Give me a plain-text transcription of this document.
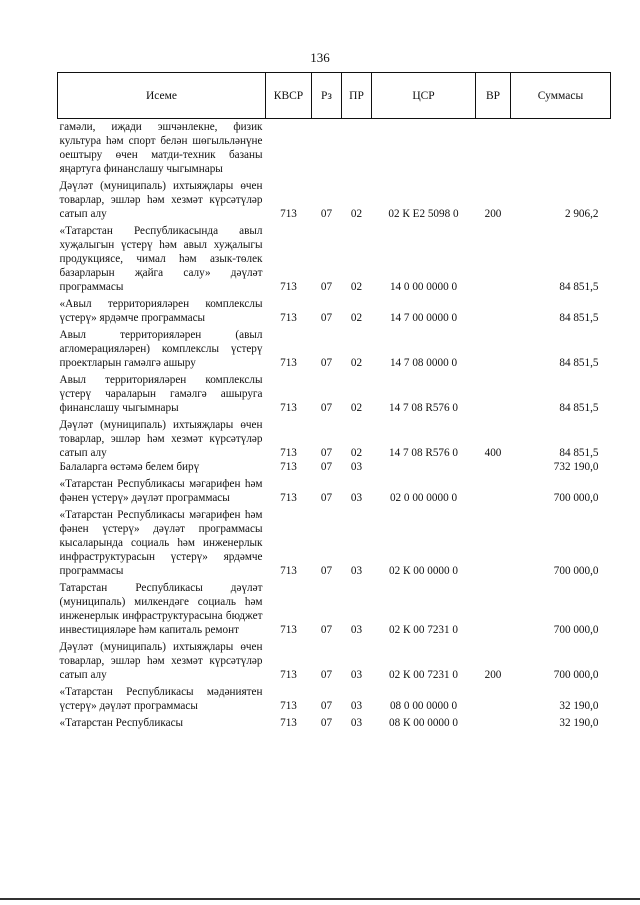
136
Исеме	КВСР	Рз	ПР	ЦСР	ВР	Суммасы
гамәли, иҗади эшчәнлекне, физик культура һәм спорт белән шөгыльләнүне оештыру өчен матди-техник базаны яңартуга финанслашу чыгымнары						
Дәүләт (муниципаль) ихтыяҗлары өчен товарлар, эшләр һәм хезмәт күрсәтүләр сатып алу	713	07	02	02 К Е2 5098 0	200	2 906,2
«Татарстан Республикасында авыл хуҗалыгын үстерү һәм авыл хуҗалыгы продукциясе, чимал һәм азык-төлек базарларын җайга салу» дәүләт программасы	713	07	02	14 0 00 0000 0		84 851,5
«Авыл территорияләрен комплекслы үстерү» ярдәмче программасы	713	07	02	14 7 00 0000 0		84 851,5
Авыл территорияләрен (авыл агломерацияләрен) комплекслы үстерү проектларын гамәлгә ашыру	713	07	02	14 7 08 0000 0		84 851,5
Авыл территорияләрен комплекслы үстерү чараларын гамәлгә ашыруга финанслашу чыгымнары	713	07	02	14 7 08 R576 0		84 851,5
Дәүләт (муниципаль) ихтыяҗлары өчен товарлар, эшләр һәм хезмәт күрсәтүләр сатып алу	713	07	02	14 7 08 R576 0	400	84 851,5
Балаларга өстәмә белем бирү	713	07	03			732 190,0
«Татарстан Республикасы мәгарифен һәм фәнен үстерү» дәүләт программасы	713	07	03	02 0 00 0000 0		700 000,0
«Татарстан Республикасы мәгарифен һәм фәнен үстерү» дәүләт программасы кысаларында социаль һәм инженерлык инфраструктурасын үстерү» ярдәмче программасы	713	07	03	02 К 00 0000 0		700 000,0
Татарстан Республикасы дәүләт (муниципаль) милкендәге социаль һәм инженерлык инфраструктурасына бюджет инвестицияләре һәм капиталь ремонт	713	07	03	02 К 00 7231 0		700 000,0
Дәүләт (муниципаль) ихтыяҗлары өчен товарлар, эшләр һәм хезмәт күрсәтүләр сатып алу	713	07	03	02 К 00 7231 0	200	700 000,0
«Татарстан Республикасы мәдәниятен үстерү» дәүләт программасы	713	07	03	08 0 00 0000 0		32 190,0
«Татарстан Республикасы	713	07	03	08 К 00 0000 0		32 190,0
